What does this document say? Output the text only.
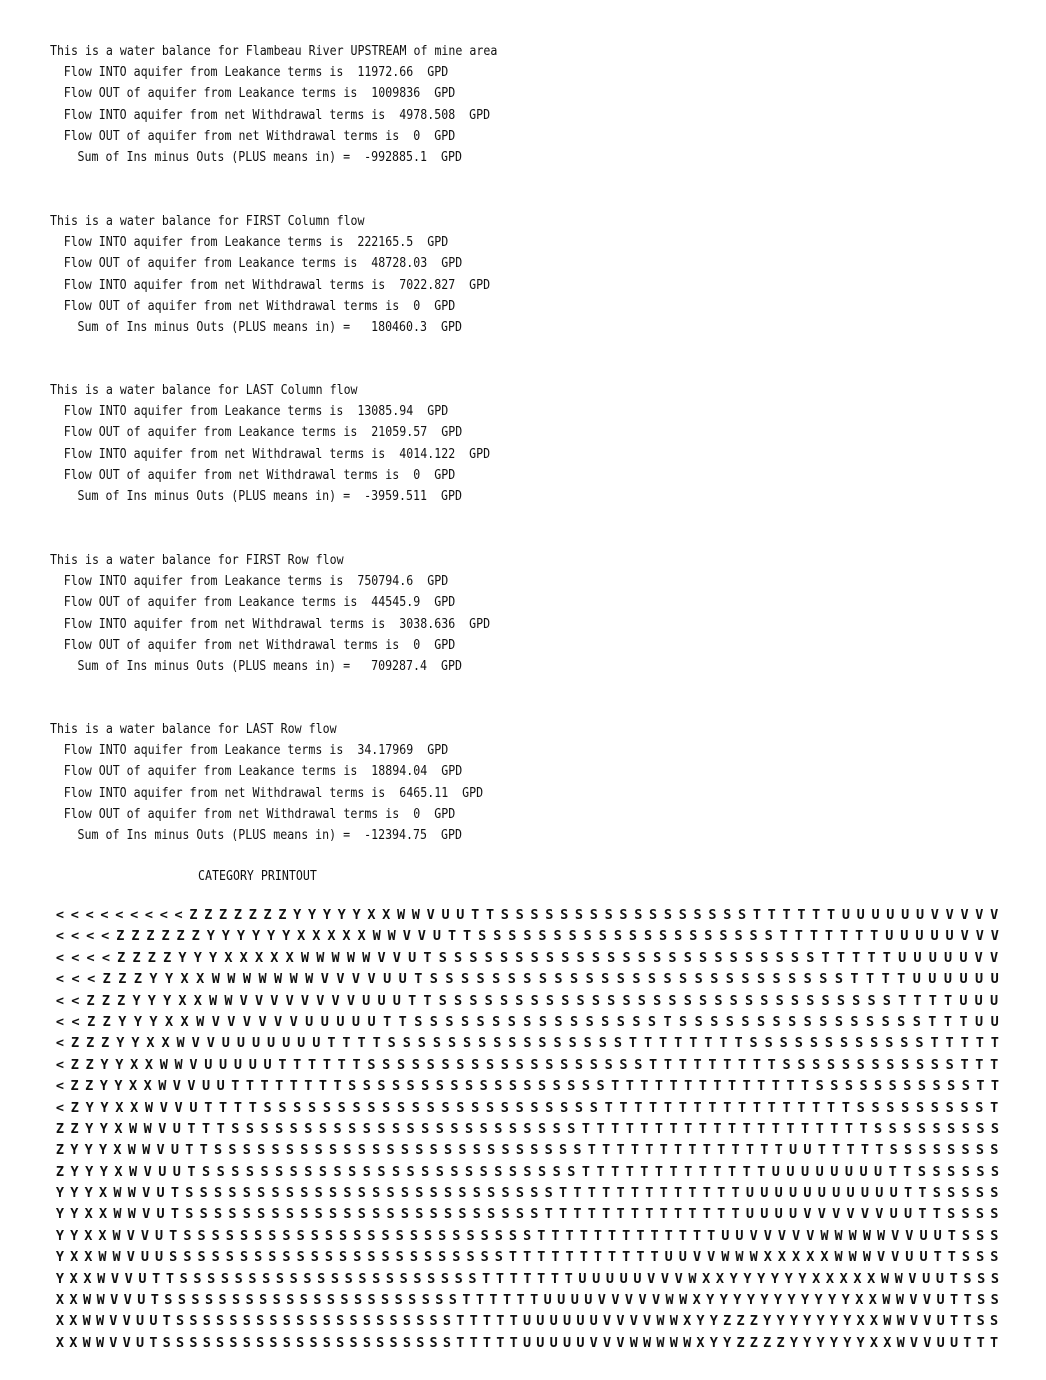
This is a water balance for Flambeau River UPSTREAM of mine area
Flow INTO aquifer from Leakance terms is  11972.66  GPD
Flow OUT of aquifer from Leakance terms is  1009836  GPD
Flow INTO aquifer from net Withdrawal terms is  4978.508  GPD
Flow OUT of aquifer from net Withdrawal terms is  0  GPD
Sum of Ins minus Outs (PLUS means in) =  -992885.1  GPD
This is a water balance for FIRST Column flow
Flow INTO aquifer from Leakance terms is  222165.5  GPD
Flow OUT of aquifer from Leakance terms is  48728.03  GPD
Flow INTO aquifer from net Withdrawal terms is  7022.827  GPD
Flow OUT of aquifer from net Withdrawal terms is  0  GPD
Sum of Ins minus Outs (PLUS means in) =   180460.3  GPD
This is a water balance for LAST Column flow
Flow INTO aquifer from Leakance terms is  13085.94  GPD
Flow OUT of aquifer from Leakance terms is  21059.57  GPD
Flow INTO aquifer from net Withdrawal terms is  4014.122  GPD
Flow OUT of aquifer from net Withdrawal terms is  0  GPD
Sum of Ins minus Outs (PLUS means in) =  -3959.511  GPD
This is a water balance for FIRST Row flow
Flow INTO aquifer from Leakance terms is  750794.6  GPD
Flow OUT of aquifer from Leakance terms is  44545.9  GPD
Flow INTO aquifer from net Withdrawal terms is  3038.636  GPD
Flow OUT of aquifer from net Withdrawal terms is  0  GPD
Sum of Ins minus Outs (PLUS means in) =   709287.4  GPD
This is a water balance for LAST Row flow
Flow INTO aquifer from Leakance terms is  34.17969  GPD
Flow OUT of aquifer from Leakance terms is  18894.04  GPD
Flow INTO aquifer from net Withdrawal terms is  6465.11  GPD
Flow OUT of aquifer from net Withdrawal terms is  0  GPD
Sum of Ins minus Outs (PLUS means in) =  -12394.75  GPD
CATEGORY PRINTOUT
< < < < < < < < < Z Z Z Z Z Z Z Y Y Y Y Y X X W W V U U T T S S S S S S S S S S S S S S S S S T T T T T T U U U U U U V V V V V
< < < < Z Z Z Z Z Z Y Y Y Y Y Y X X X X X W W V V U T T S S S S S S S S S S S S S S S S S S S S T T T T T T T U U U U U V V V
< < < < Z Z Z Z Y Y Y X X X X X W W W W W V V U T S S S S S S S S S S S S S S S S S S S S S S S S S T T T T T U U U U U V V
< < < Z Z Z Y Y X X W W W W W W W V V V V U U T S S S S S S S S S S S S S S S S S S S S S S S S S S S T T T T U U U U U U
< < Z Z Z Y Y Y X X W W V V V V V V V V U U U T T S S S S S S S S S S S S S S S S S S S S S S S S S S S S S S T T T T U U U
< < Z Z Y Y Y X X W V V V V V V U U U U U T T S S S S S S S S S S S S S S S S T S S S S S S S S S S S S S S S S T T T U U
< Z Z Z Y Y X X W V V U U U U U U U T T T T S S S S S S S S S S S S S S S S T T T T T T T T S S S S S S S S S S S S T T T T T
< Z Z Y Y X X W W V U U U U U T T T T T T S S S S S S S S S S S S S S S S S S S T T T T T T T T T S S S S S S S S S S S S T T T
< Z Z Y Y X X W V V U U T T T T T T T T S S S S S S S S S S S S S S S S S S T T T T T T T T T T T T T T S S S S S S S S S S S T T
< Z Y Y X X W V V U T T T T S S S S S S S S S S S S S S S S S S S S S S S T T T T T T T T T T T T T T T T T S S S S S S S S S T
Z Z Y Y X W W V U T T T S S S S S S S S S S S S S S S S S S S S S S S S T T T T T T T T T T T T T T T T T T T T S S S S S S S S S
Z Y Y Y X W W V U T T S S S S S S S S S S S S S S S S S S S S S S S S S S T T T T T T T T T T T T T T U U T T T T T S S S S S S S S
Z Y Y Y X W V U U T S S S S S S S S S S S S S S S S S S S S S S S S S S T T T T T T T T T T T T T U U U U U U U U T T S S S S S S
Y Y Y X W W V U T S S S S S S S S S S S S S S S S S S S S S S S S S S T T T T T T T T T T T T T U U U U U U U U U U U T T S S S S S
Y Y X X W W V U T S S S S S S S S S S S S S S S S S S S S S S S S S T T T T T T T T T T T T T T U U U U V V V V V V U U T T S S S S
Y Y X X W V V U T S S S S S S S S S S S S S S S S S S S S S S S S S T T T T T T T T T T T T T U U V V V V V W W W W W V V U U T S S S
Y X X W W V U U S S S S S S S S S S S S S S S S S S S S S S S S T T T T T T T T T T T U U V V W W W X X X X X W W W V V U U T T S S S
Y X X W V V U T T S S S S S S S S S S S S S S S S S S S S S S T T T T T T T U U U U U V V V W X X Y Y Y Y Y Y X X X X X W W V U U T S S S
X X W W V V U T S S S S S S S S S S S S S S S S S S S S S S T T T T T T U U U U V V V V V W W X Y Y Y Y Y Y Y Y Y Y Y X X W W V V U T T S S
X X W W V V U U T S S S S S S S S S S S S S S S S S S S S S T T T T T U U U U U U V V V V W W X Y Y Z Z Z Y Y Y Y Y Y Y X X W W V V U T T S S
X X W W V V U T S S S S S S S S S S S S S S S S S S S S S S T T T T T U U U U U V V V W W W W W X Y Y Z Z Z Z Y Y Y Y Y Y X X W V V U U T T T
